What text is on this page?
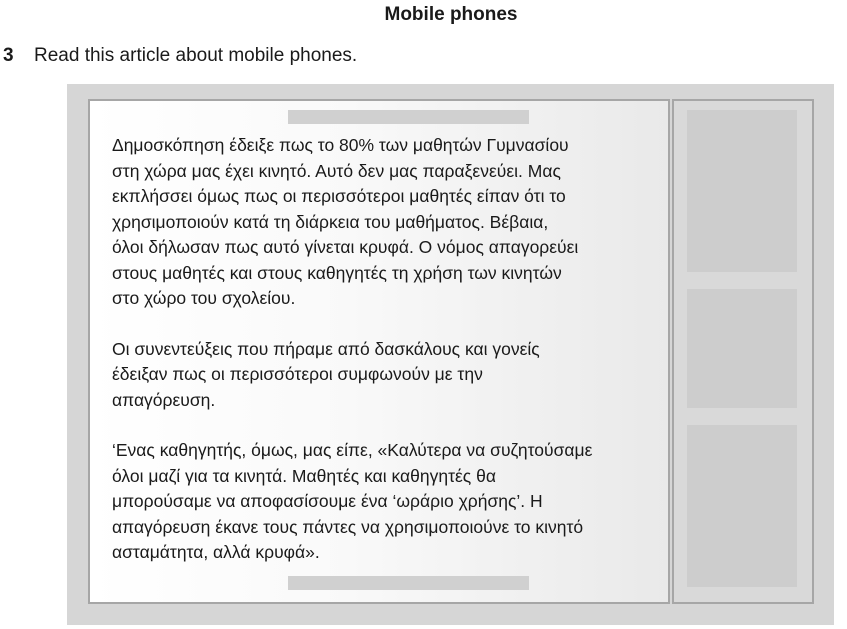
Mobile phones
3 Read this article about mobile phones.

Δημοσκόπηση έδειξε πως το 80% των μαθητών Γυμνασίου
στη χώρα μας έχει κινητό. Αυτό δεν μας παραξενεύει. Μας
εκπλήσσει όμως πως οι περισσότεροι μαθητές είπαν ότι το
χρησιμοποιούν κατά τη διάρκεια του μαθήματος. Βέβαια,
όλοι δήλωσαν πως αυτό γίνεται κρυφά. Ο νόμος απαγορεύει
στους μαθητές και στους καθηγητές τη χρήση των κινητών
στο χώρο του σχολείου.

Οι συνεντεύξεις που πήραμε από δασκάλους και γονείς
έδειξαν πως οι περισσότεροι συμφωνούν με την
απαγόρευση.

‘Ενας καθηγητής, όμως, μας είπε, «Καλύτερα να συζητούσαμε
όλοι μαζί για τα κινητά. Μαθητές και καθηγητές θα
μπορούσαμε να αποφασίσουμε ένα ‘ωράριο χρήσης’. Η
απαγόρευση έκανε τους πάντες να χρησιμοποιούνε το κινητό
ασταμάτητα, αλλά κρυφά».
